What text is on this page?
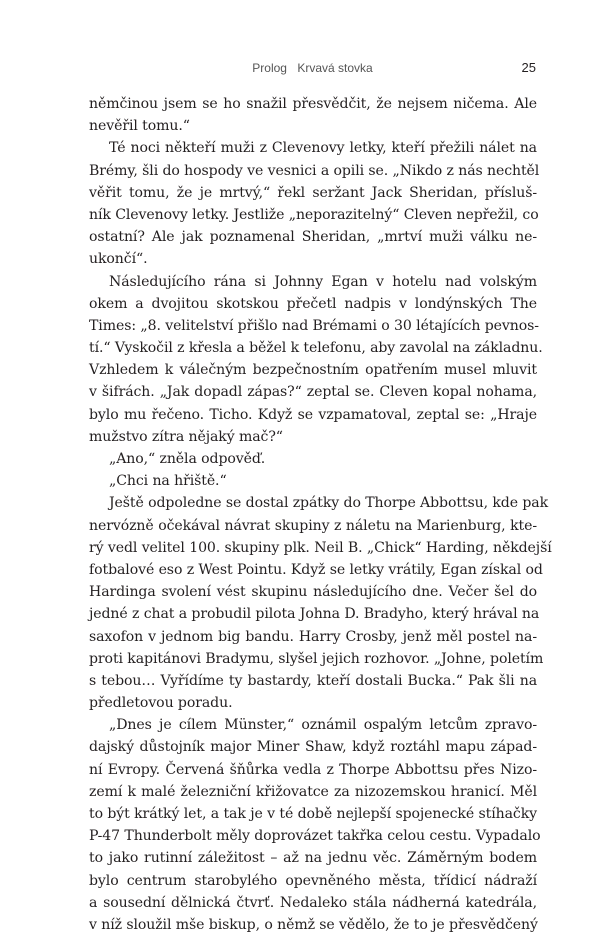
Prolog Krvavá stovka	25

němčinou jsem se ho snažil přesvědčit, že nejsem ničema. Ale
nevěřil tomu.“

Té noci někteří muži z Clevenovy letky, kteří přežili nálet na
Brémy, šli do hospody ve vesnici a opili se. „Nikdo z nás nechtěl
věřit tomu, že je mrtvý,“ řekl seržant Jack Sheridan, přísluš-
ník Clevenovy letky. Jestliže „neporazitelný“ Cleven nepřežil, co
ostatní? Ale jak poznamenal Sheridan, „mrtví muži válku ne-
ukončí“.

Následujícího rána si Johnny Egan v hotelu nad volským
okem a dvojitou skotskou přečetl nadpis v londýnských The
Times: „8. velitelství přišlo nad Brémami o 30 létajících pevnos-
tí.“ Vyskočil z křesla a běžel k telefonu, aby zavolal na základnu.
Vzhledem k válečným bezpečnostním opatřením musel mluvit
v šifrách. „Jak dopadl zápas?“ zeptal se. Cleven kopal nohama,
bylo mu řečeno. Ticho. Když se vzpamatoval, zeptal se: „Hraje
mužstvo zítra nějaký mač?“

„Ano,“ zněla odpověď.

„Chci na hřiště.“

Ještě odpoledne se dostal zpátky do Thorpe Abbottsu, kde pak
nervózně očekával návrat skupiny z náletu na Marienburg, kte-
rý vedl velitel 100. skupiny plk. Neil B. „Chick“ Harding, někdejší
fotbalové eso z West Pointu. Když se letky vrátily, Egan získal od
Hardinga svolení vést skupinu následujícího dne. Večer šel do
jedné z chat a probudil pilota Johna D. Bradyho, který hrával na
saxofon v jednom big bandu. Harry Crosby, jenž měl postel na-
proti kapitánovi Bradymu, slyšel jejich rozhovor. „Johne, poletím
s tebou… Vyřídíme ty bastardy, kteří dostali Bucka.“ Pak šli na
předletovou poradu.

„Dnes je cílem Münster,“ oznámil ospalým letcům zpravo-
dajský důstojník major Miner Shaw, když roztáhl mapu západ-
ní Evropy. Červená šňůrka vedla z Thorpe Abbottsu přes Nizo-
zemí k malé železniční křižovatce za nizozemskou hranicí. Měl
to být krátký let, a tak je v té době nejlepší spojenecké stíhačky
P-47 Thunderbolt měly doprovázet takřka celou cestu. Vypadalo
to jako rutinní záležitost – až na jednu věc. Záměrným bodem
bylo centrum starobylého opevněného města, třídicí nádraží
a sousední dělnická čtvrť. Nedaleko stála nádherná katedrála,
v níž sloužil mše biskup, o němž se vědělo, že to je přesvědčený
